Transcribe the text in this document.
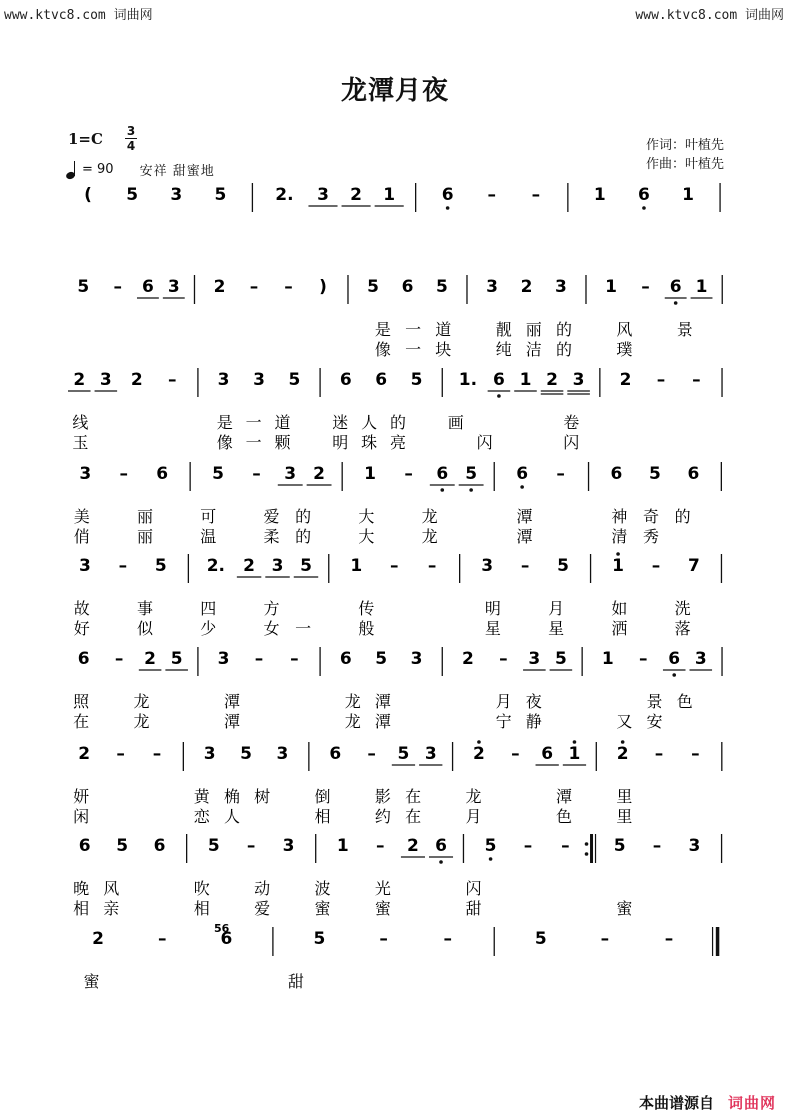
www.ktvc8.com 词曲网	www.ktvc8.com 词曲网
龙潭月夜
$1=C \frac{3}{4}$
= 90 安祥 甜蜜地
作词：叶植先
作曲：叶植先
( 5 3 5	2. 3 2 1	6 – –	1 6 1
5 – 6 3 2 – – ) 5 6 5 3 2 3 1 – 6 1
是 一 道	靓 丽 的	风	景
像 一 块	纯 洁 的	璞
2 3 2 – 3 3 5 6 6 5 1. 6 1 2 3 2 – –
线	是 一 道	迷 人 的	画	卷
玉	像 一 颗	明 珠 亮	闪	闪
3 – 6	5 – 3 2 1 – 6 5 6 –	6 5 6
美	丽	可	爱 的	大	龙	潭	神 奇 的
俏	丽	温	柔 的	大	龙	潭	清 秀
3 – 5 2. 2 3 5 1 – –	3 – 5	1 – 7
故	事	四	方	传	明	月	如	洗
好	似	少	女 一	般	星	星	洒	落
6 – 2 5 3 – – 6 5 3 2 – 3 5 1 – 6 3
照	龙	潭	龙 潭	月 夜	景 色
在	龙	潭	龙 潭	宁 静	又 安
2 – –	3 5 3 6 – 5 3 2 – 6 1 2 – –
妍	黄 桷 树	倒	影 在	龙	潭	里
闲	恋 人	相	约 在	月	色	里
6 5 6 5 – 3 1 – 2 6 5 – –	5 – 3
晚 风	吹	动	波	光	闪
相 亲	相	爱	蜜	蜜	甜	蜜
2	–	6	5	–	–	5	–	–
蜜	甜
56
本曲谱源自 词曲网
